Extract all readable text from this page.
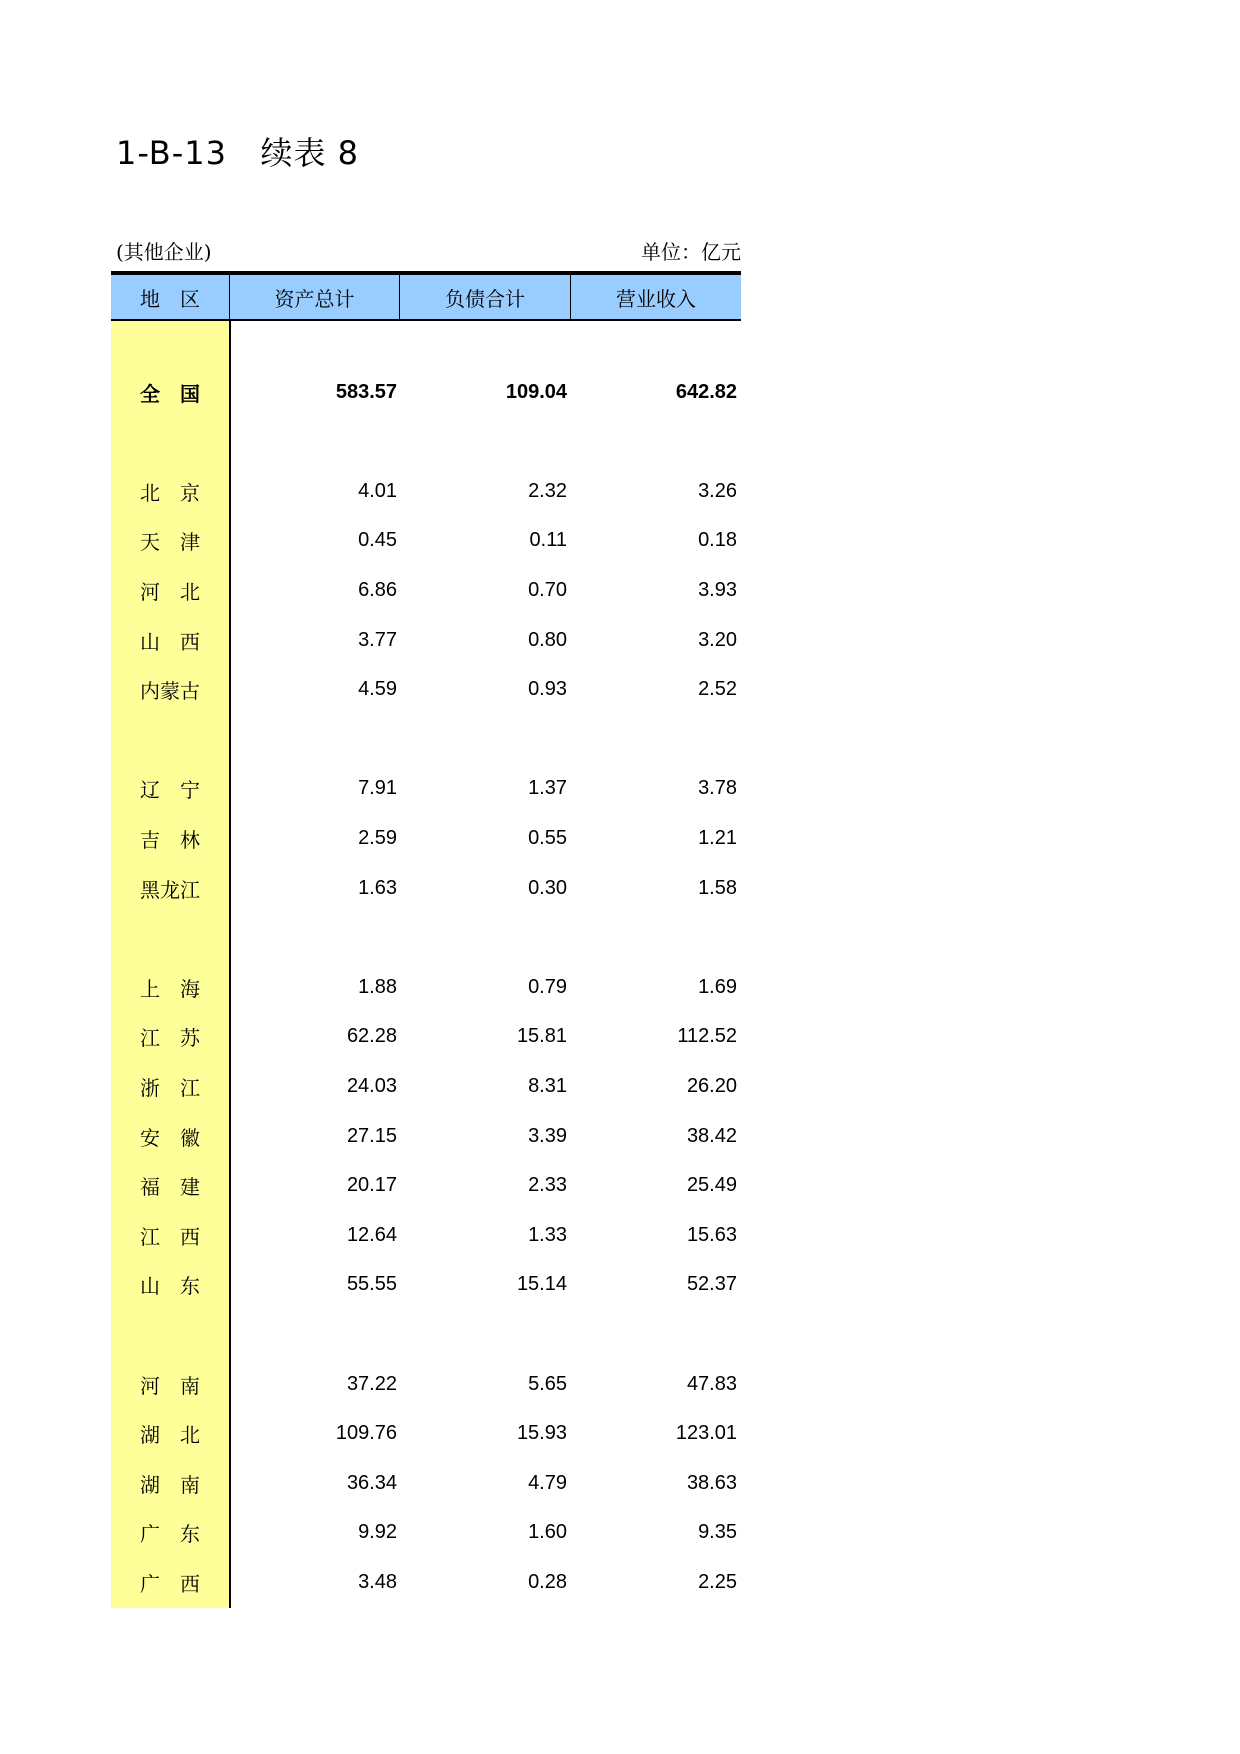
1-B-13   续表 8
(其他企业)	单位：亿元
地　区	资产总计	负债合计	营业收入
全　国	583.57	109.04	642.82
北　京	4.01	2.32	3.26
天　津	0.45	0.11	0.18
河　北	6.86	0.70	3.93
山　西	3.77	0.80	3.20
内蒙古	4.59	0.93	2.52
辽　宁	7.91	1.37	3.78
吉　林	2.59	0.55	1.21
黑龙江	1.63	0.30	1.58
上　海	1.88	0.79	1.69
江　苏	62.28	15.81	112.52
浙　江	24.03	8.31	26.20
安　徽	27.15	3.39	38.42
福　建	20.17	2.33	25.49
江　西	12.64	1.33	15.63
山　东	55.55	15.14	52.37
河　南	37.22	5.65	47.83
湖　北	109.76	15.93	123.01
湖　南	36.34	4.79	38.63
广　东	9.92	1.60	9.35
广　西	3.48	0.28	2.25
